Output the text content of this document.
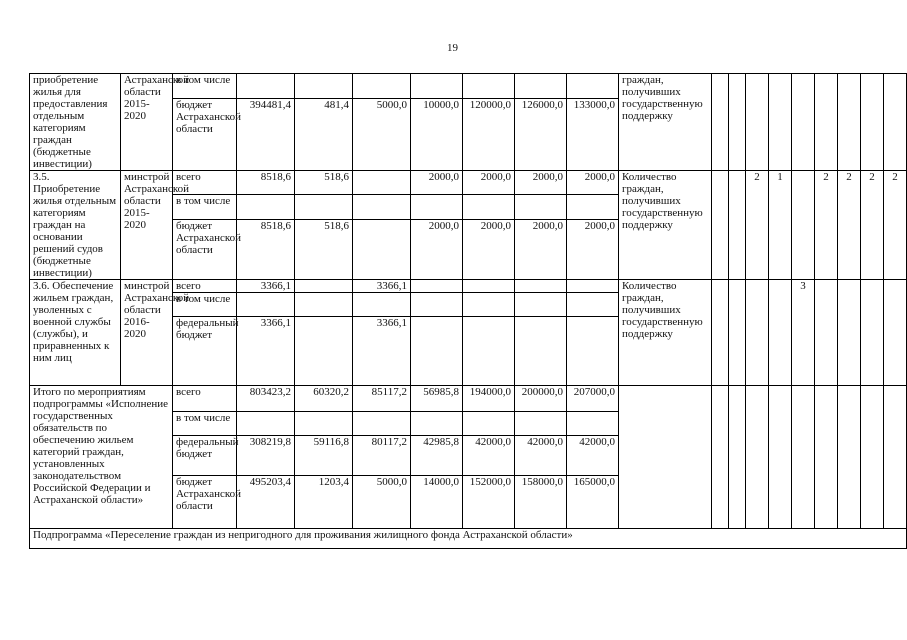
19
приобретение жилья для предоставления отдельным категориям граждан (бюджетные инвестиции)	Астраханской области 2015-2020	в том числе								граждан, получивших государственную поддержку									
		бюджет Астраханской области	394481,4	481,4	5000,0	10000,0	120000,0	126000,0	133000,0										
3.5. Приобретение жилья отдельным категориям граждан на основании решений судов (бюджетные инвестиции)	минстрой Астраханской области 2015-2020	всего	8518,6	518,6		2000,0	2000,0	2000,0	2000,0	Количество граждан, получивших государственную поддержку			2	1		2	2	2	2
		в том числе																	
		бюджет Астраханской области	8518,6	518,6		2000,0	2000,0	2000,0	2000,0										
3.6. Обеспечение жильем граждан, уволенных с военной службы (службы), и приравненных к ним лиц	минстрой Астраханской области 2016-2020	всего	3366,1		3366,1					Количество граждан, получивших государственную поддержку					3				
		в том числе																	
		федеральный бюджет	3366,1		3366,1														
Итого по мероприятиям подпрограммы «Исполнение государственных обязательств по обеспечению жильем категорий граждан, установленных законодательством Российской Федерации и Астраханской области»		всего	803423,2	60320,2	85117,2	56985,8	194000,0	200000,0	207000,0										
		в том числе																	
		федеральный бюджет	308219,8	59116,8	80117,2	42985,8	42000,0	42000,0	42000,0										
		бюджет Астраханской области	495203,4	1203,4	5000,0	14000,0	152000,0	158000,0	165000,0										
Подпрограмма «Переселение граждан из непригодного для проживания жилищного фонда Астраханской области»																			
